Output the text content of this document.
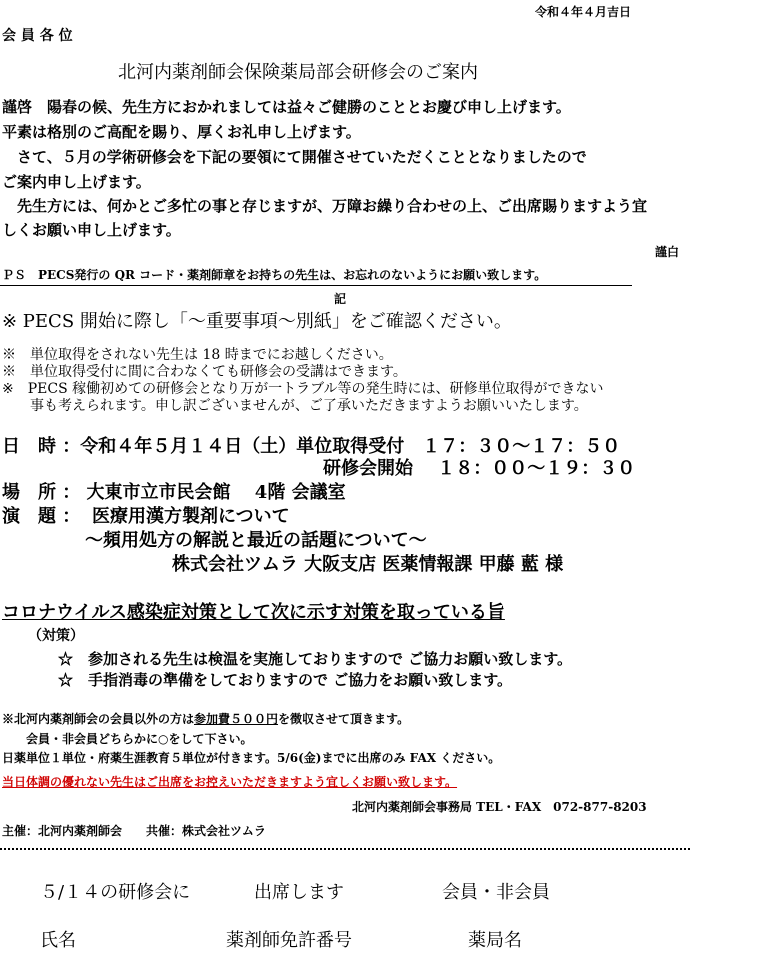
令和４年４月吉日
会 員 各 位
北河内薬剤師会保険薬局部会研修会のご案内
謹啓　陽春の候、先生方におかれましては益々ご健勝のこととお慶び申し上げます。
平素は格別のご高配を賜り、厚くお礼申し上げます。
　さて、５月の学術研修会を下記の要領にて開催させていただくこととなりましたので
ご案内申し上げます。
　先生方には、何かとご多忙の事と存じますが、万障お繰り合わせの上、ご出席賜りますよう宜
しくお願い申し上げます。
謹白
ＰＳ　PECS発行の QR コード・薬剤師章をお持ちの先生は、お忘れのないようにお願い致します。
記
※ PECS 開始に際し「～重要事項～別紙」をご確認ください。
※　単位取得をされない先生は 18 時までにお越しください。
※　単位取得受付に間に合わなくても研修会の受講はできます。
※　PECS 稼働初めての研修会となり万が一トラブル等の発生時には、研修単位取得ができない
　　事も考えられます。申し訳ございませんが、ご了承いただきますようお願いいたします。
日　時 ：令和４年５月１４日（土）単位取得受付　１７：３０～１７：５０
研修会開始　 １８：００～１９：３０
場　所 ： 大東市立市民会館　 4階 会議室
演　題 ： 医療用漢方製剤について
～頻用処方の解説と最近の話題について～
株式会社ツムラ 大阪支店 医薬情報課 甲藤 藍 様
コロナウイルス感染症対策として次に示す対策を取っている旨
（対策）
☆　参加される先生は検温を実施しておりますので ご協力お願い致します。
☆　手指消毒の準備をしておりますので ご協力をお願い致します。
※北河内薬剤師会の会員以外の方は参加費５００円を徴収させて頂きます。
　　会員・非会員どちらかに○をして下さい。
日薬単位１単位・府薬生涯教育５単位が付きます。5/6(金)までに出席のみ FAX ください。
当日体調の優れない先生はご出席をお控えいただきますよう宜しくお願い致します。
北河内薬剤師会事務局 TEL・FAX　072-877-8203
主催：北河内薬剤師会　　共催：株式会社ツムラ
５/１４の研修会に	出席します	会員・非会員
氏名	薬剤師免許番号	薬局名
